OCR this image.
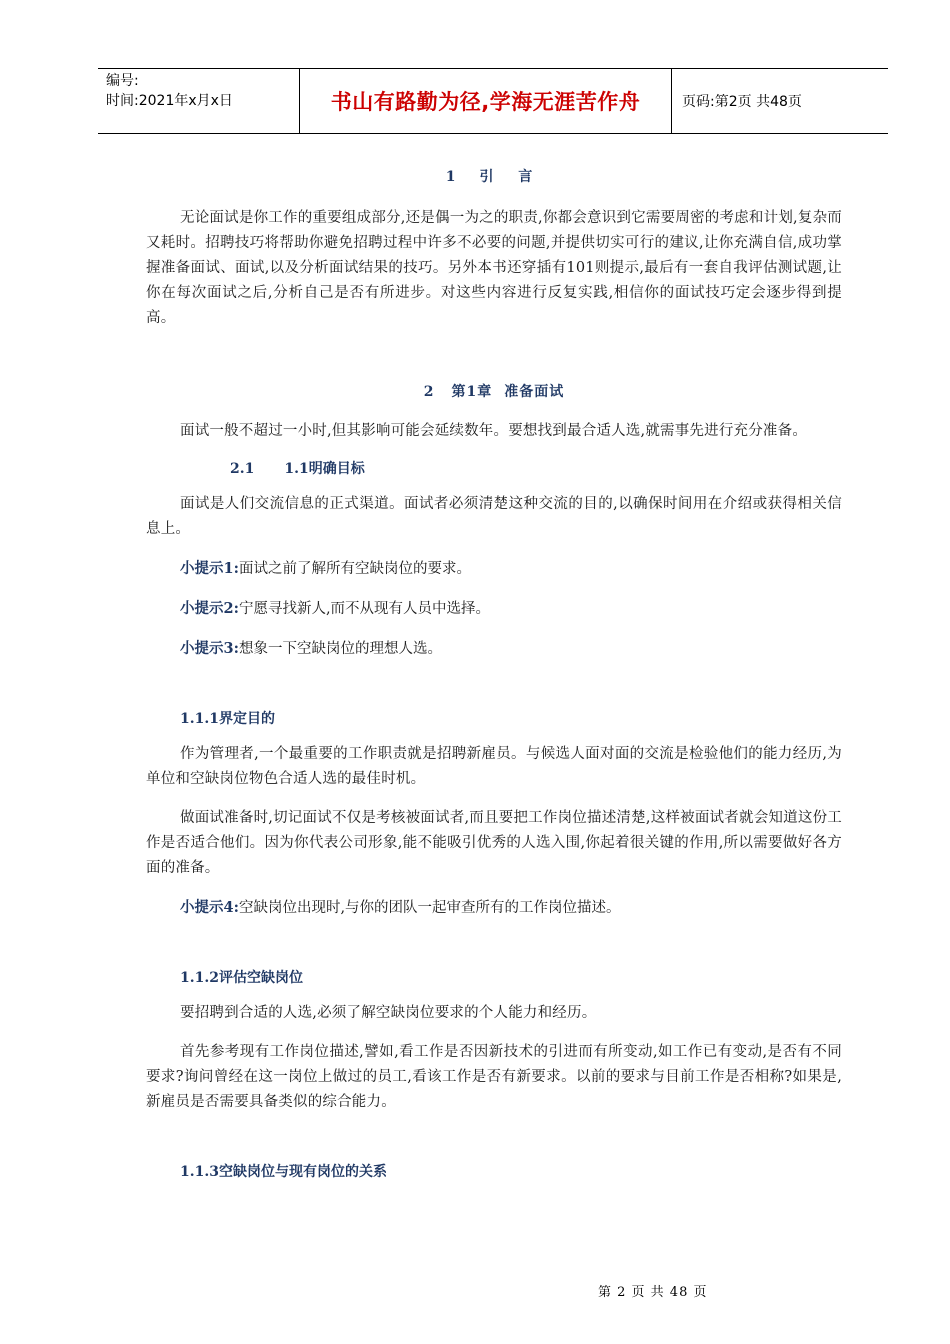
编号:
时间:2021年x月x日	书山有路勤为径,学海无涯苦作舟	页码:第2页 共48页
1 引 言

无论面试是你工作的重要组成部分,还是偶一为之的职责,你都会意识到它需要周密的考虑和计划,复杂而又耗时。招聘技巧将帮助你避免招聘过程中许多不必要的问题,并提供切实可行的建议,让你充满自信,成功掌握准备面试、面试,以及分析面试结果的技巧。另外本书还穿插有101则提示,最后有一套自我评估测试题,让你在每次面试之后,分析自己是否有所进步。对这些内容进行反复实践,相信你的面试技巧定会逐步得到提高。

2 第1章 准备面试

面试一般不超过一小时,但其影响可能会延续数年。要想找到最合适人选,就需事先进行充分准备。

2.1 1.1明确目标

面试是人们交流信息的正式渠道。面试者必须清楚这种交流的目的,以确保时间用在介绍或获得相关信息上。

小提示1:面试之前了解所有空缺岗位的要求。

小提示2:宁愿寻找新人,而不从现有人员中选择。

小提示3:想象一下空缺岗位的理想人选。

1.1.1界定目的

作为管理者,一个最重要的工作职责就是招聘新雇员。与候选人面对面的交流是检验他们的能力经历,为单位和空缺岗位物色合适人选的最佳时机。

做面试准备时,切记面试不仅是考核被面试者,而且要把工作岗位描述清楚,这样被面试者就会知道这份工作是否适合他们。因为你代表公司形象,能不能吸引优秀的人选入围,你起着很关键的作用,所以需要做好各方面的准备。

小提示4:空缺岗位出现时,与你的团队一起审查所有的工作岗位描述。

1.1.2评估空缺岗位

要招聘到合适的人选,必须了解空缺岗位要求的个人能力和经历。

首先参考现有工作岗位描述,譬如,看工作是否因新技术的引进而有所变动,如工作已有变动,是否有不同要求?询问曾经在这一岗位上做过的员工,看该工作是否有新要求。以前的要求与目前工作是否相称?如果是,新雇员是否需要具备类似的综合能力。

1.1.3空缺岗位与现有岗位的关系
第 2 页 共 48 页
